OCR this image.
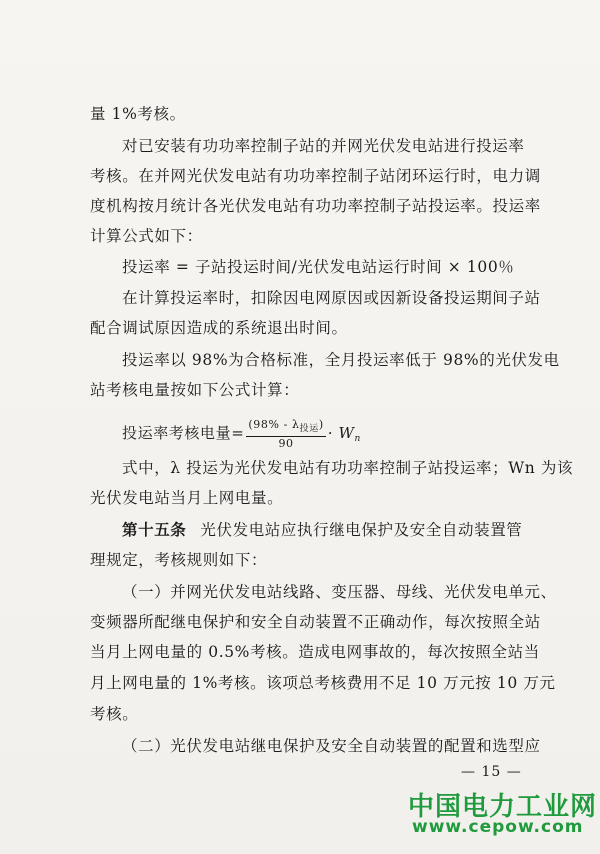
量 1%考核。
对已安装有功功率控制子站的并网光伏发电站进行投运率
考核。在并网光伏发电站有功功率控制子站闭环运行时，电力调
度机构按月统计各光伏发电站有功功率控制子站投运率。投运率
计算公式如下：
投运率 = 子站投运时间/光伏发电站运行时间 × 100％
在计算投运率时，扣除因电网原因或因新设备投运期间子站
配合调试原因造成的系统退出时间。
投运率以 98%为合格标准，全月投运率低于 98%的光伏发电
站考核电量按如下公式计算：
投运率考核电量= $\frac{(98\% - \lambda_{投运})}{90} \cdot W_n$
式中，λ 投运为光伏发电站有功功率控制子站投运率；Wn 为该
光伏发电站当月上网电量。
第十五条 光伏发电站应执行继电保护及安全自动装置管
理规定，考核规则如下：
（一）并网光伏发电站线路、变压器、母线、光伏发电单元、
变频器所配继电保护和安全自动装置不正确动作，每次按照全站
当月上网电量的 0.5%考核。造成电网事故的，每次按照全站当
月上网电量的 1%考核。该项总考核费用不足 10 万元按 10 万元
考核。
（二）光伏发电站继电保护及安全自动装置的配置和选型应
— 15 —
中国电力工业网
www.cepow.com
